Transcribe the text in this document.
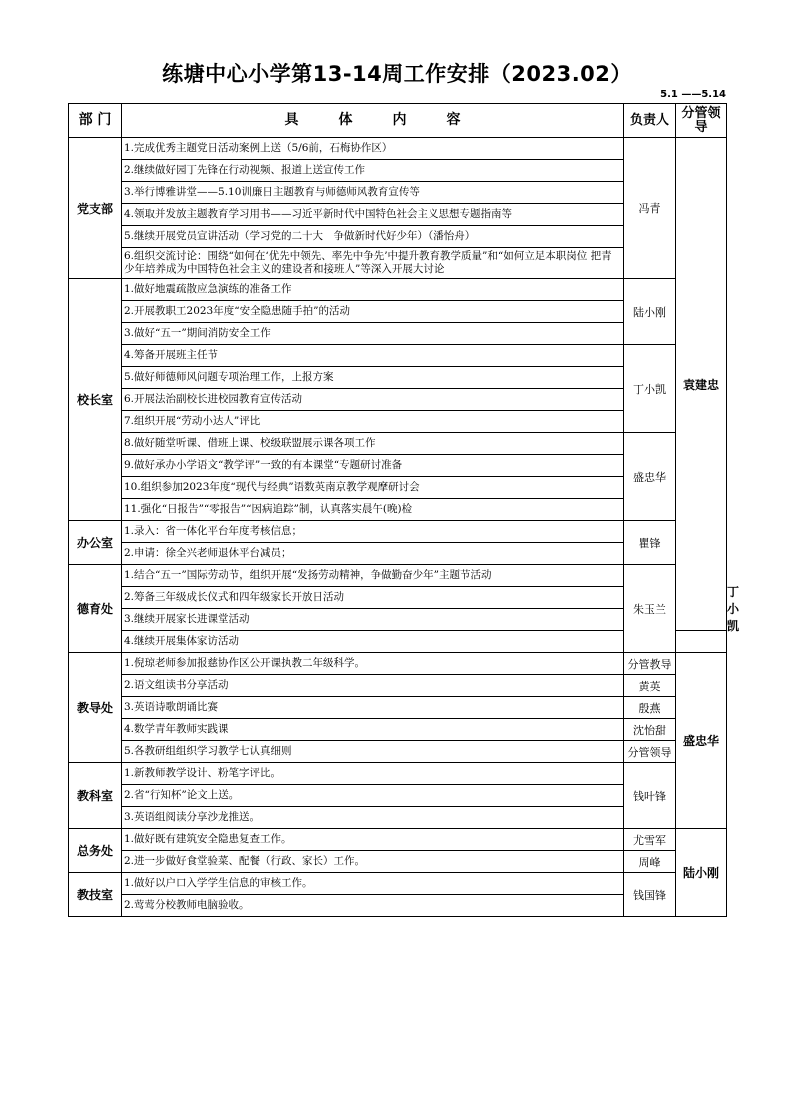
练塘中心小学第13-14周工作安排（2023.02）
5.1 ——5.14
部 门	具体内容	负责人	分管领导	
党支部	1.完成优秀主题党日活动案例上送（5/6前，石梅协作区）	冯青	袁建忠	
	2.继续做好园丁先锋在行动视频、报道上送宣传工作			
	3.举行博雅讲堂——5.10训廉日主题教育与师德师风教育宣传等			
	4.领取并发放主题教育学习用书——习近平新时代中国特色社会主义思想专题指南等			
	5.继续开展党员宣讲活动（学习党的二十大　争做新时代好少年）（潘怡舟）			
	6.组织交流讨论：围绕“如何在‘优先中领先、率先中争先’中提升教育教学质量”和“如何立足本职岗位 把青少年培养成为中国特色社会主义的建设者和接班人”等深入开展大讨论			
校长室	1.做好地震疏散应急演练的准备工作	陆小刚		
	2.开展教职工2023年度“安全隐患随手拍”的活动			
	3.做好“五一”期间消防安全工作			
	4.筹备开展班主任节	丁小凯		
	5.做好师德师风问题专项治理工作，上报方案			
	6.开展法治副校长进校园教育宣传活动			
	7.组织开展“劳动小达人”评比			
	8.做好随堂听课、借班上课、校级联盟展示课各项工作	盛忠华		
	9.做好承办小学语文“教学评”一致的有本课堂“专题研讨准备			
	10.组织参加2023年度“现代与经典”语数英南京教学观摩研讨会			
	11.强化“日报告”“零报告”“因病追踪”制，认真落实晨午(晚)检			
办公室	1.录入：省一体化平台年度考核信息；	瞿锋		
	2.申请：徐全兴老师退休平台减员；			
德育处	1.结合“五一”国际劳动节，组织开展“发扬劳动精神，争做勤奋少年”主题节活动	朱玉兰		丁小凯
	2.筹备三年级成长仪式和四年级家长开放日活动			
	3.继续开展家长进课堂活动			
	4.继续开展集体家访活动			
教导处	1.倪琼老师参加报慈协作区公开课执教二年级科学。	分管教导	盛忠华	
	2.语文组读书分享活动	黄英		
	3.英语诗歌朗诵比赛	殷燕		
	4.数学青年教师实践课	沈怡甜		
	5.各教研组组织学习教学七认真细则	分管领导		
教科室	1.新教师教学设计、粉笔字评比。	钱叶锋		
	2.省“行知杯”论文上送。			
	3.英语组阅读分享沙龙推送。			
总务处	1.做好既有建筑安全隐患复查工作。	尤雪军	陆小刚	
	2.进一步做好食堂验菜、配餐（行政、家长）工作。	周峰		
教技室	1.做好以户口入学学生信息的审核工作。	钱国锋		
	2.莺莺分校教师电脑验收。			
